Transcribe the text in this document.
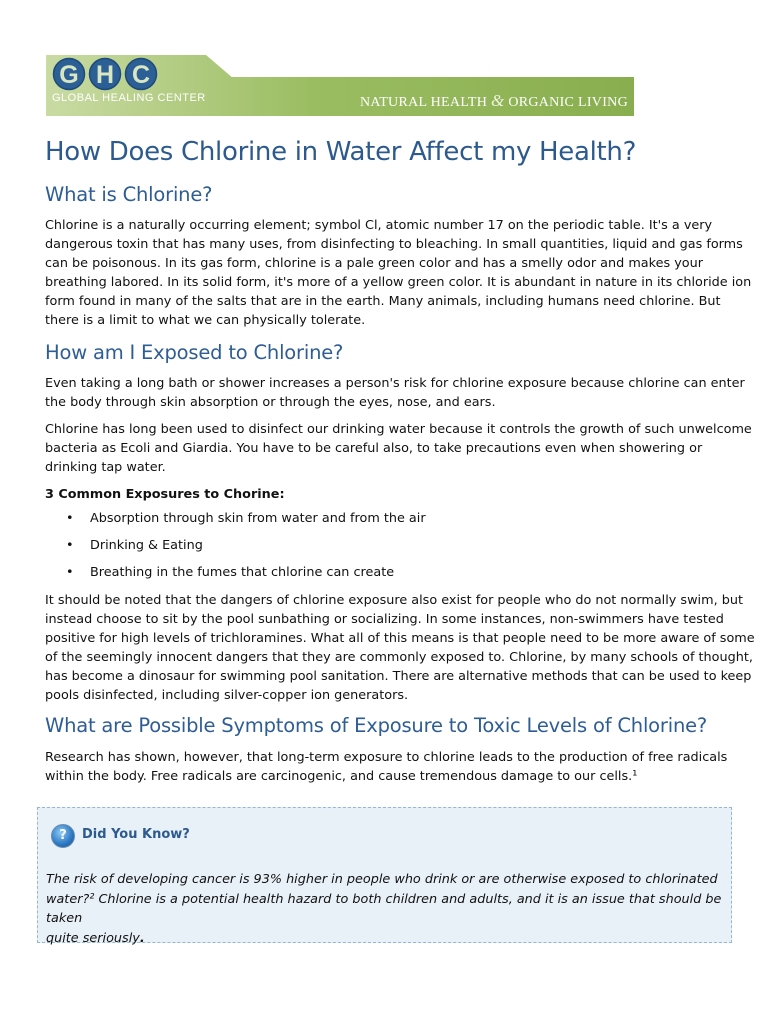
G H C
GLOBAL HEALING CENTER	NATURAL HEALTH & ORGANIC LIVING
How Does Chlorine in Water Affect my Health?
What is Chlorine?

Chlorine is a naturally occurring element; symbol Cl, atomic number 17 on the periodic table. It's a very

dangerous toxin that has many uses, from disinfecting to bleaching. In small quantities, liquid and gas forms

can be poisonous. In its gas form, chlorine is a pale green color and has a smelly odor and makes your

breathing labored. In its solid form, it's more of a yellow green color. It is abundant in nature in its chloride ion

form found in many of the salts that are in the earth. Many animals, including humans need chlorine. But

there is a limit to what we can physically tolerate.

How am I Exposed to Chlorine?

Even taking a long bath or shower increases a person's risk for chlorine exposure because chlorine can enter

the body through skin absorption or through the eyes, nose, and ears.

Chlorine has long been used to disinfect our drinking water because it controls the growth of such unwelcome

bacteria as Ecoli and Giardia. You have to be careful also, to take precautions even when showering or

drinking tap water.

3 Common Exposures to Chorine:

• Absorption through skin from water and from the air
• Drinking & Eating
• Breathing in the fumes that chlorine can create

It should be noted that the dangers of chlorine exposure also exist for people who do not normally swim, but

instead choose to sit by the pool sunbathing or socializing. In some instances, non-swimmers have tested

positive for high levels of trichloramines. What all of this means is that people need to be more aware of some

of the seemingly innocent dangers that they are commonly exposed to. Chlorine, by many schools of thought,

has become a dinosaur for swimming pool sanitation. There are alternative methods that can be used to keep

pools disinfected, including silver-copper ion generators.

What are Possible Symptoms of Exposure to Toxic Levels of Chlorine?

Research has shown, however, that long-term exposure to chlorine leads to the production of free radicals

within the body. Free radicals are carcinogenic, and cause tremendous damage to our cells.¹

?	Did You Know?
The risk of developing cancer is 93% higher in people who drink or are otherwise exposed to chlorinated
water?² Chlorine is a potential health hazard to both children and adults, and it is an issue that should be taken
quite seriously.
